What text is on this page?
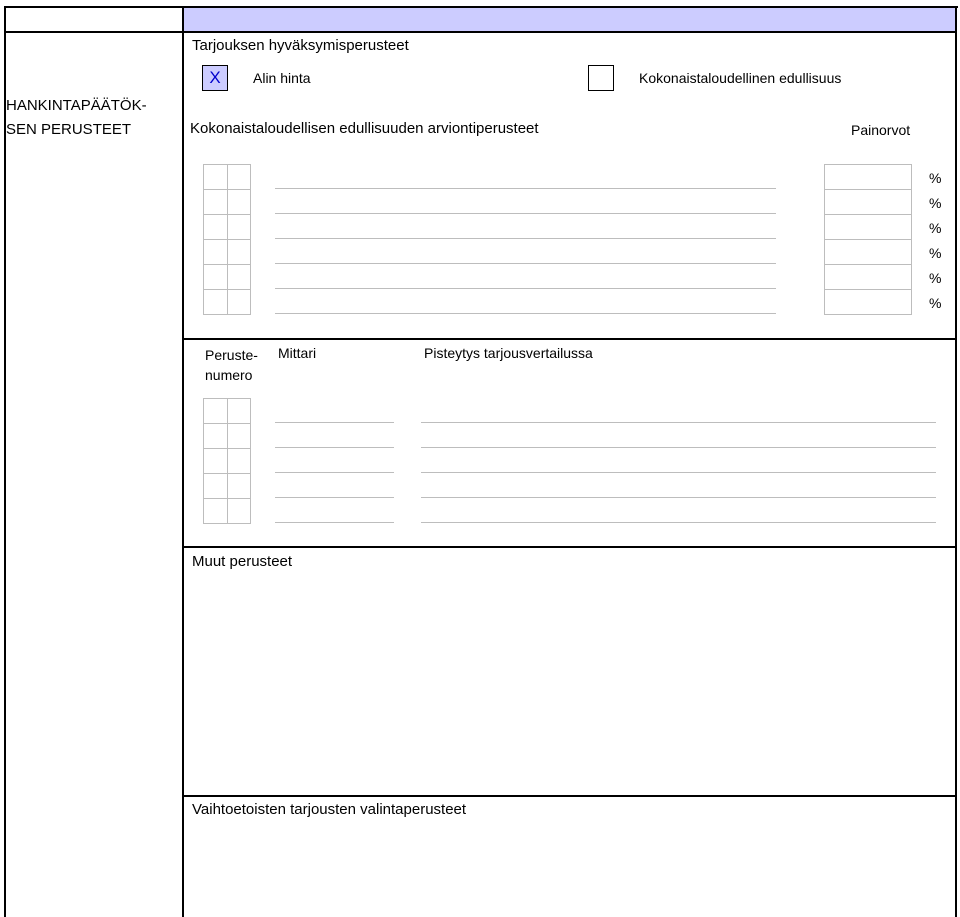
HANKINTAPÄÄTÖK-
SEN PERUSTEET
Tarjouksen hyväksymisperusteet
X	Alin hinta	Kokonaistaloudellinen edullisuus
Kokonaistaloudellisen edullisuuden arviontiperusteet	Painorvot
%
%
%
%
%
%
Peruste-
numero
Mittari	Pisteytys tarjousvertailussa
Muut perusteet
Vaihtoetoisten tarjousten valintaperusteet
